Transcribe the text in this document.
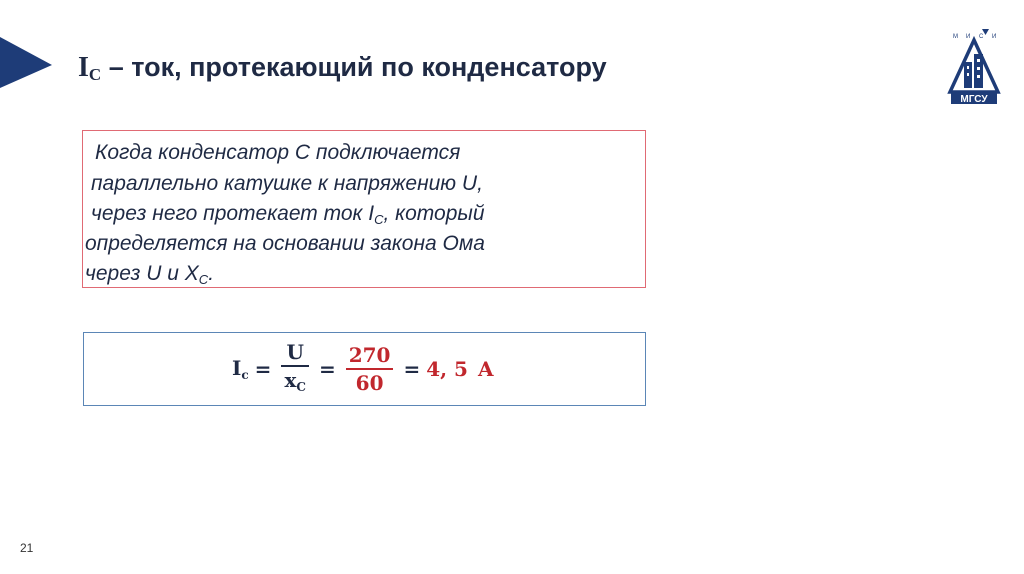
$I_C$ – ток, протекающий по конденсатору
М И С И
МГСУ
Когда конденсатор С подключается
параллельно катушке к напряжению U,
через него протекает ток $I_C$, который
определяется на основании закона Ома
через U и $X_C$.
$I_c = \frac{U}{x_C} = \frac{270}{60} = 4$, 5 A
21
